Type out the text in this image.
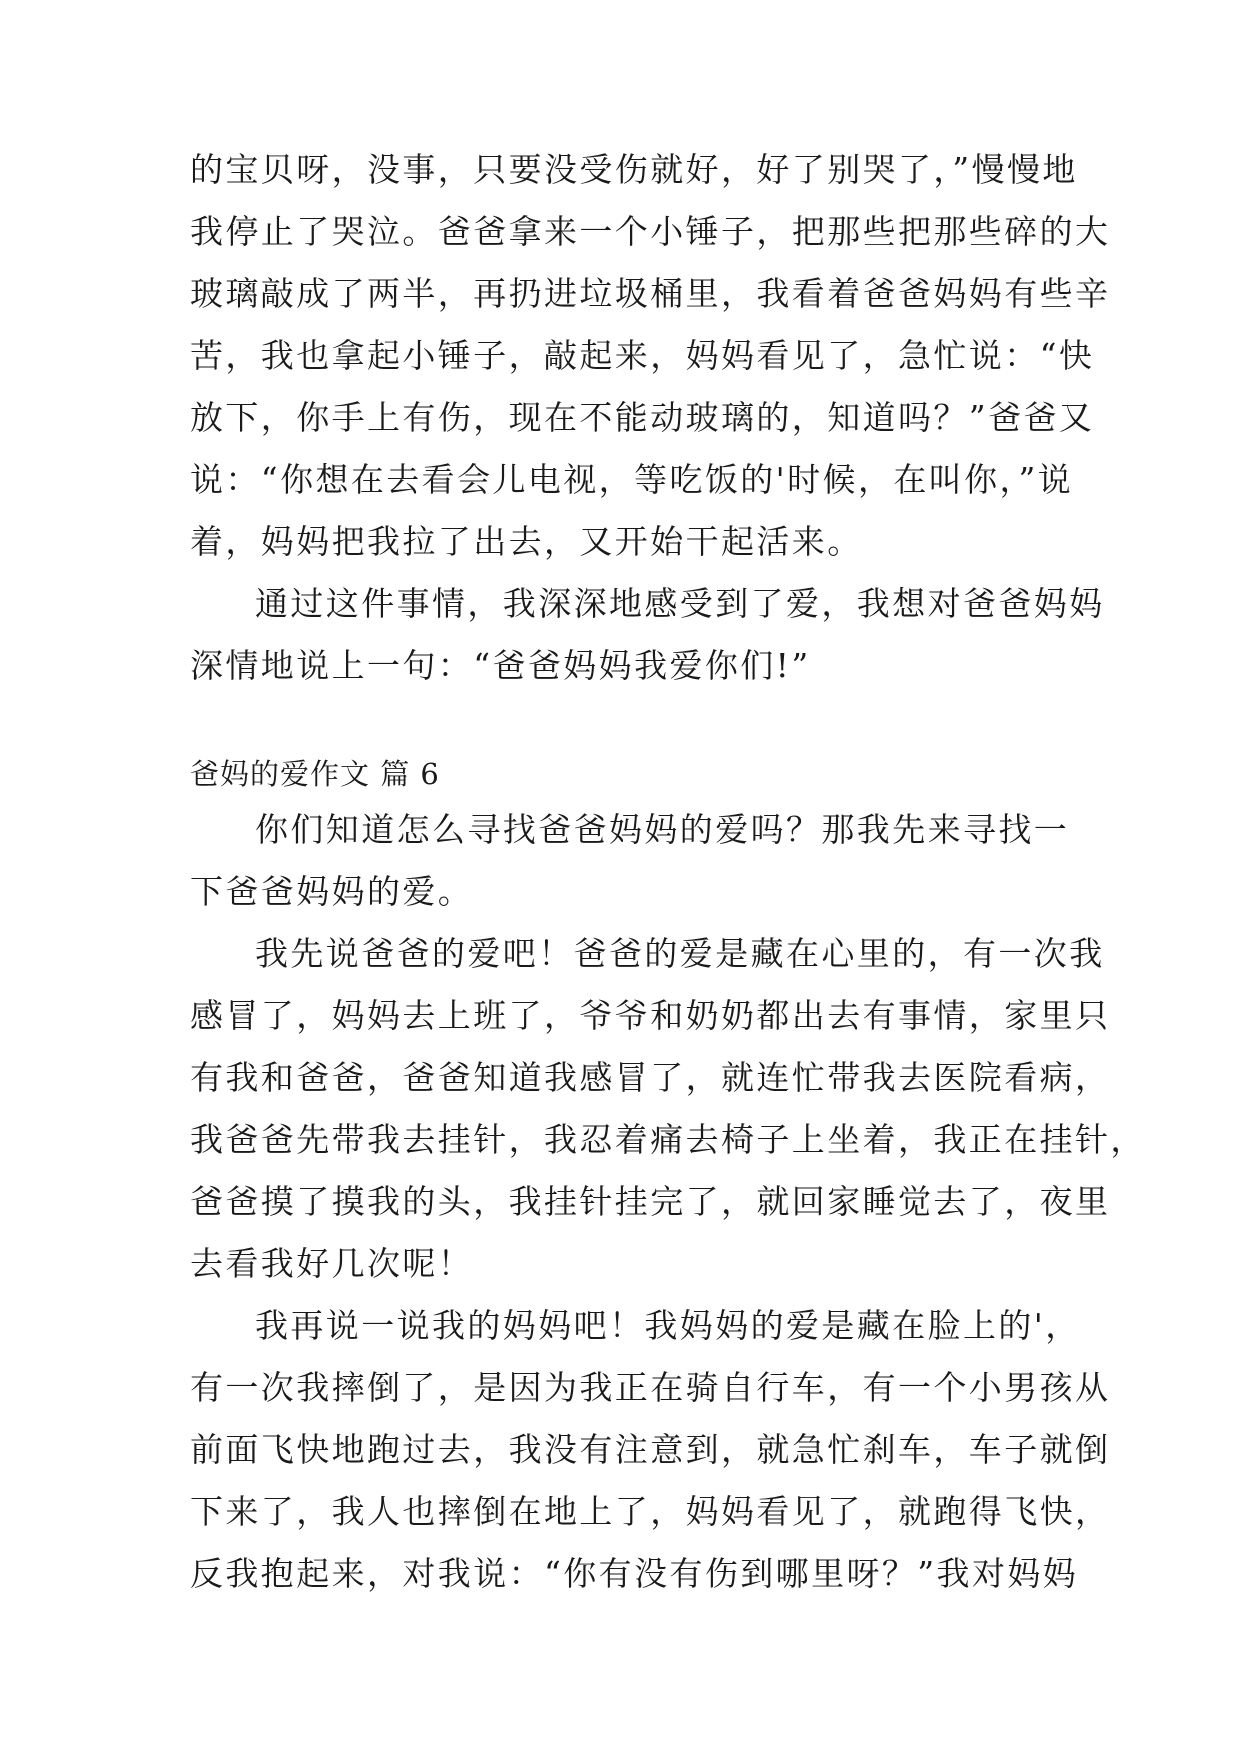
的宝贝呀，没事，只要没受伤就好，好了别哭了，”慢慢地
我停止了哭泣。爸爸拿来一个小锤子，把那些把那些碎的大
玻璃敲成了两半，再扔进垃圾桶里，我看着爸爸妈妈有些辛
苦，我也拿起小锤子，敲起来，妈妈看见了，急忙说：“快
放下，你手上有伤，现在不能动玻璃的，知道吗？”爸爸又
说：“你想在去看会儿电视，等吃饭的'时候，在叫你，”说
着，妈妈把我拉了出去，又开始干起活来。
通过这件事情，我深深地感受到了爱，我想对爸爸妈妈
深情地说上一句：“爸爸妈妈我爱你们!”
爸妈的爱作文 篇 6
你们知道怎么寻找爸爸妈妈的爱吗？那我先来寻找一
下爸爸妈妈的爱。
我先说爸爸的爱吧！爸爸的爱是藏在心里的，有一次我
感冒了，妈妈去上班了，爷爷和奶奶都出去有事情，家里只
有我和爸爸，爸爸知道我感冒了，就连忙带我去医院看病，
我爸爸先带我去挂针，我忍着痛去椅子上坐着，我正在挂针，
爸爸摸了摸我的头，我挂针挂完了，就回家睡觉去了，夜里
去看我好几次呢！
我再说一说我的妈妈吧！我妈妈的爱是藏在脸上的'，
有一次我摔倒了，是因为我正在骑自行车，有一个小男孩从
前面飞快地跑过去，我没有注意到，就急忙刹车，车子就倒
下来了，我人也摔倒在地上了，妈妈看见了，就跑得飞快，
反我抱起来，对我说：“你有没有伤到哪里呀？”我对妈妈
